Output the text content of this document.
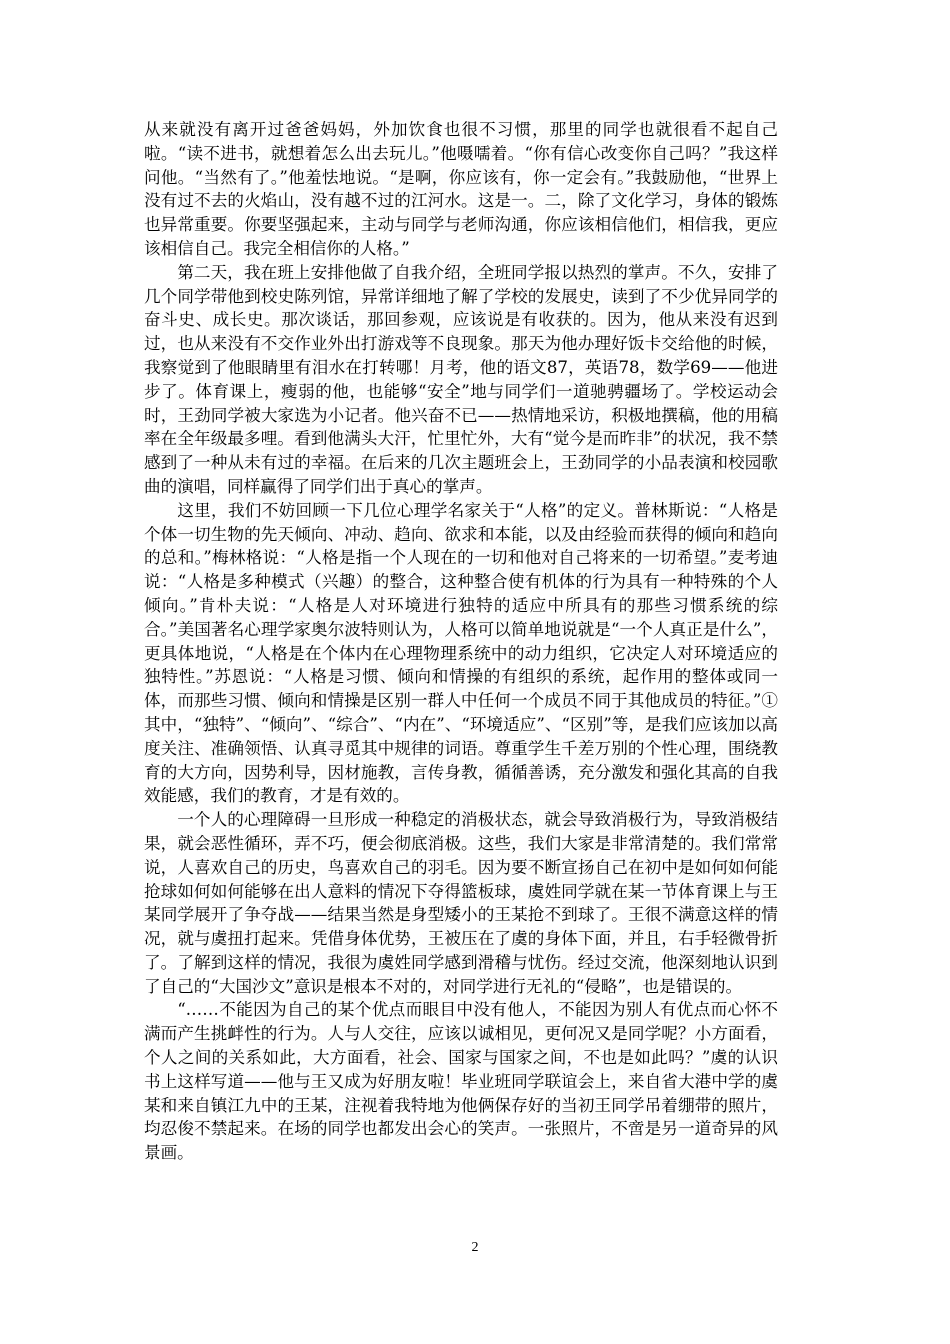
从来就没有离开过爸爸妈妈，外加饮食也很不习惯，那里的同学也就很看不起自己啦。“读不进书，就想着怎么出去玩儿。”他嗫嚅着。“你有信心改变你自己吗？”我这样问他。“当然有了。”他羞怯地说。“是啊，你应该有，你一定会有。”我鼓励他，“世界上没有过不去的火焰山，没有越不过的江河水。这是一。二，除了文化学习，身体的锻炼也异常重要。你要坚强起来，主动与同学与老师沟通，你应该相信他们，相信我，更应该相信自己。我完全相信你的人格。”

第二天，我在班上安排他做了自我介绍，全班同学报以热烈的掌声。不久，安排了几个同学带他到校史陈列馆，异常详细地了解了学校的发展史，读到了不少优异同学的奋斗史、成长史。那次谈话，那回参观，应该说是有收获的。因为，他从来没有迟到过，也从来没有不交作业外出打游戏等不良现象。那天为他办理好饭卡交给他的时候，我察觉到了他眼睛里有泪水在打转哪！月考，他的语文87，英语78，数学69——他进步了。体育课上，瘦弱的他，也能够“安全”地与同学们一道驰骋疆场了。学校运动会时，王劲同学被大家选为小记者。他兴奋不已——热情地采访，积极地撰稿，他的用稿率在全年级最多哩。看到他满头大汗，忙里忙外，大有“觉今是而昨非”的状况，我不禁感到了一种从未有过的幸福。在后来的几次主题班会上，王劲同学的小品表演和校园歌曲的演唱，同样赢得了同学们出于真心的掌声。

这里，我们不妨回顾一下几位心理学名家关于“人格”的定义。普林斯说：“人格是个体一切生物的先天倾向、冲动、趋向、欲求和本能，以及由经验而获得的倾向和趋向的总和。”梅林格说：“人格是指一个人现在的一切和他对自己将来的一切希望。”麦考迪说：“人格是多种模式（兴趣）的整合，这种整合使有机体的行为具有一种特殊的个人倾向。”肯朴夫说：“人格是人对环境进行独特的适应中所具有的那些习惯系统的综合。”美国著名心理学家奥尔波特则认为，人格可以简单地说就是“一个人真正是什么”，更具体地说，“人格是在个体内在心理物理系统中的动力组织，它决定人对环境适应的独特性。”苏恩说：“人格是习惯、倾向和情操的有组织的系统，起作用的整体或同一体，而那些习惯、倾向和情操是区别一群人中任何一个成员不同于其他成员的特征。”①其中，“独特”、“倾向”、“综合”、“内在”、“环境适应”、“区别”等，是我们应该加以高度关注、准确领悟、认真寻觅其中规律的词语。尊重学生千差万别的个性心理，围绕教育的大方向，因势利导，因材施教，言传身教，循循善诱，充分激发和强化其高的自我效能感，我们的教育，才是有效的。

一个人的心理障碍一旦形成一种稳定的消极状态，就会导致消极行为，导致消极结果，就会恶性循环，弄不巧，便会彻底消极。这些，我们大家是非常清楚的。我们常常说，人喜欢自己的历史，鸟喜欢自己的羽毛。因为要不断宣扬自己在初中是如何如何能抢球如何如何能够在出人意料的情况下夺得篮板球，虞姓同学就在某一节体育课上与王某同学展开了争夺战——结果当然是身型矮小的王某抢不到球了。王很不满意这样的情况，就与虞扭打起来。凭借身体优势，王被压在了虞的身体下面，并且，右手轻微骨折了。了解到这样的情况，我很为虞姓同学感到滑稽与忧伤。经过交流，他深刻地认识到了自己的“大国沙文”意识是根本不对的，对同学进行无礼的“侵略”，也是错误的。

“……不能因为自己的某个优点而眼目中没有他人，不能因为别人有优点而心怀不满而产生挑衅性的行为。人与人交往，应该以诚相见，更何况又是同学呢？小方面看，个人之间的关系如此，大方面看，社会、国家与国家之间，不也是如此吗？”虞的认识书上这样写道——他与王又成为好朋友啦！毕业班同学联谊会上，来自省大港中学的虞某和来自镇江九中的王某，注视着我特地为他俩保存好的当初王同学吊着绷带的照片，均忍俊不禁起来。在场的同学也都发出会心的笑声。一张照片，不啻是另一道奇异的风景画。

2
